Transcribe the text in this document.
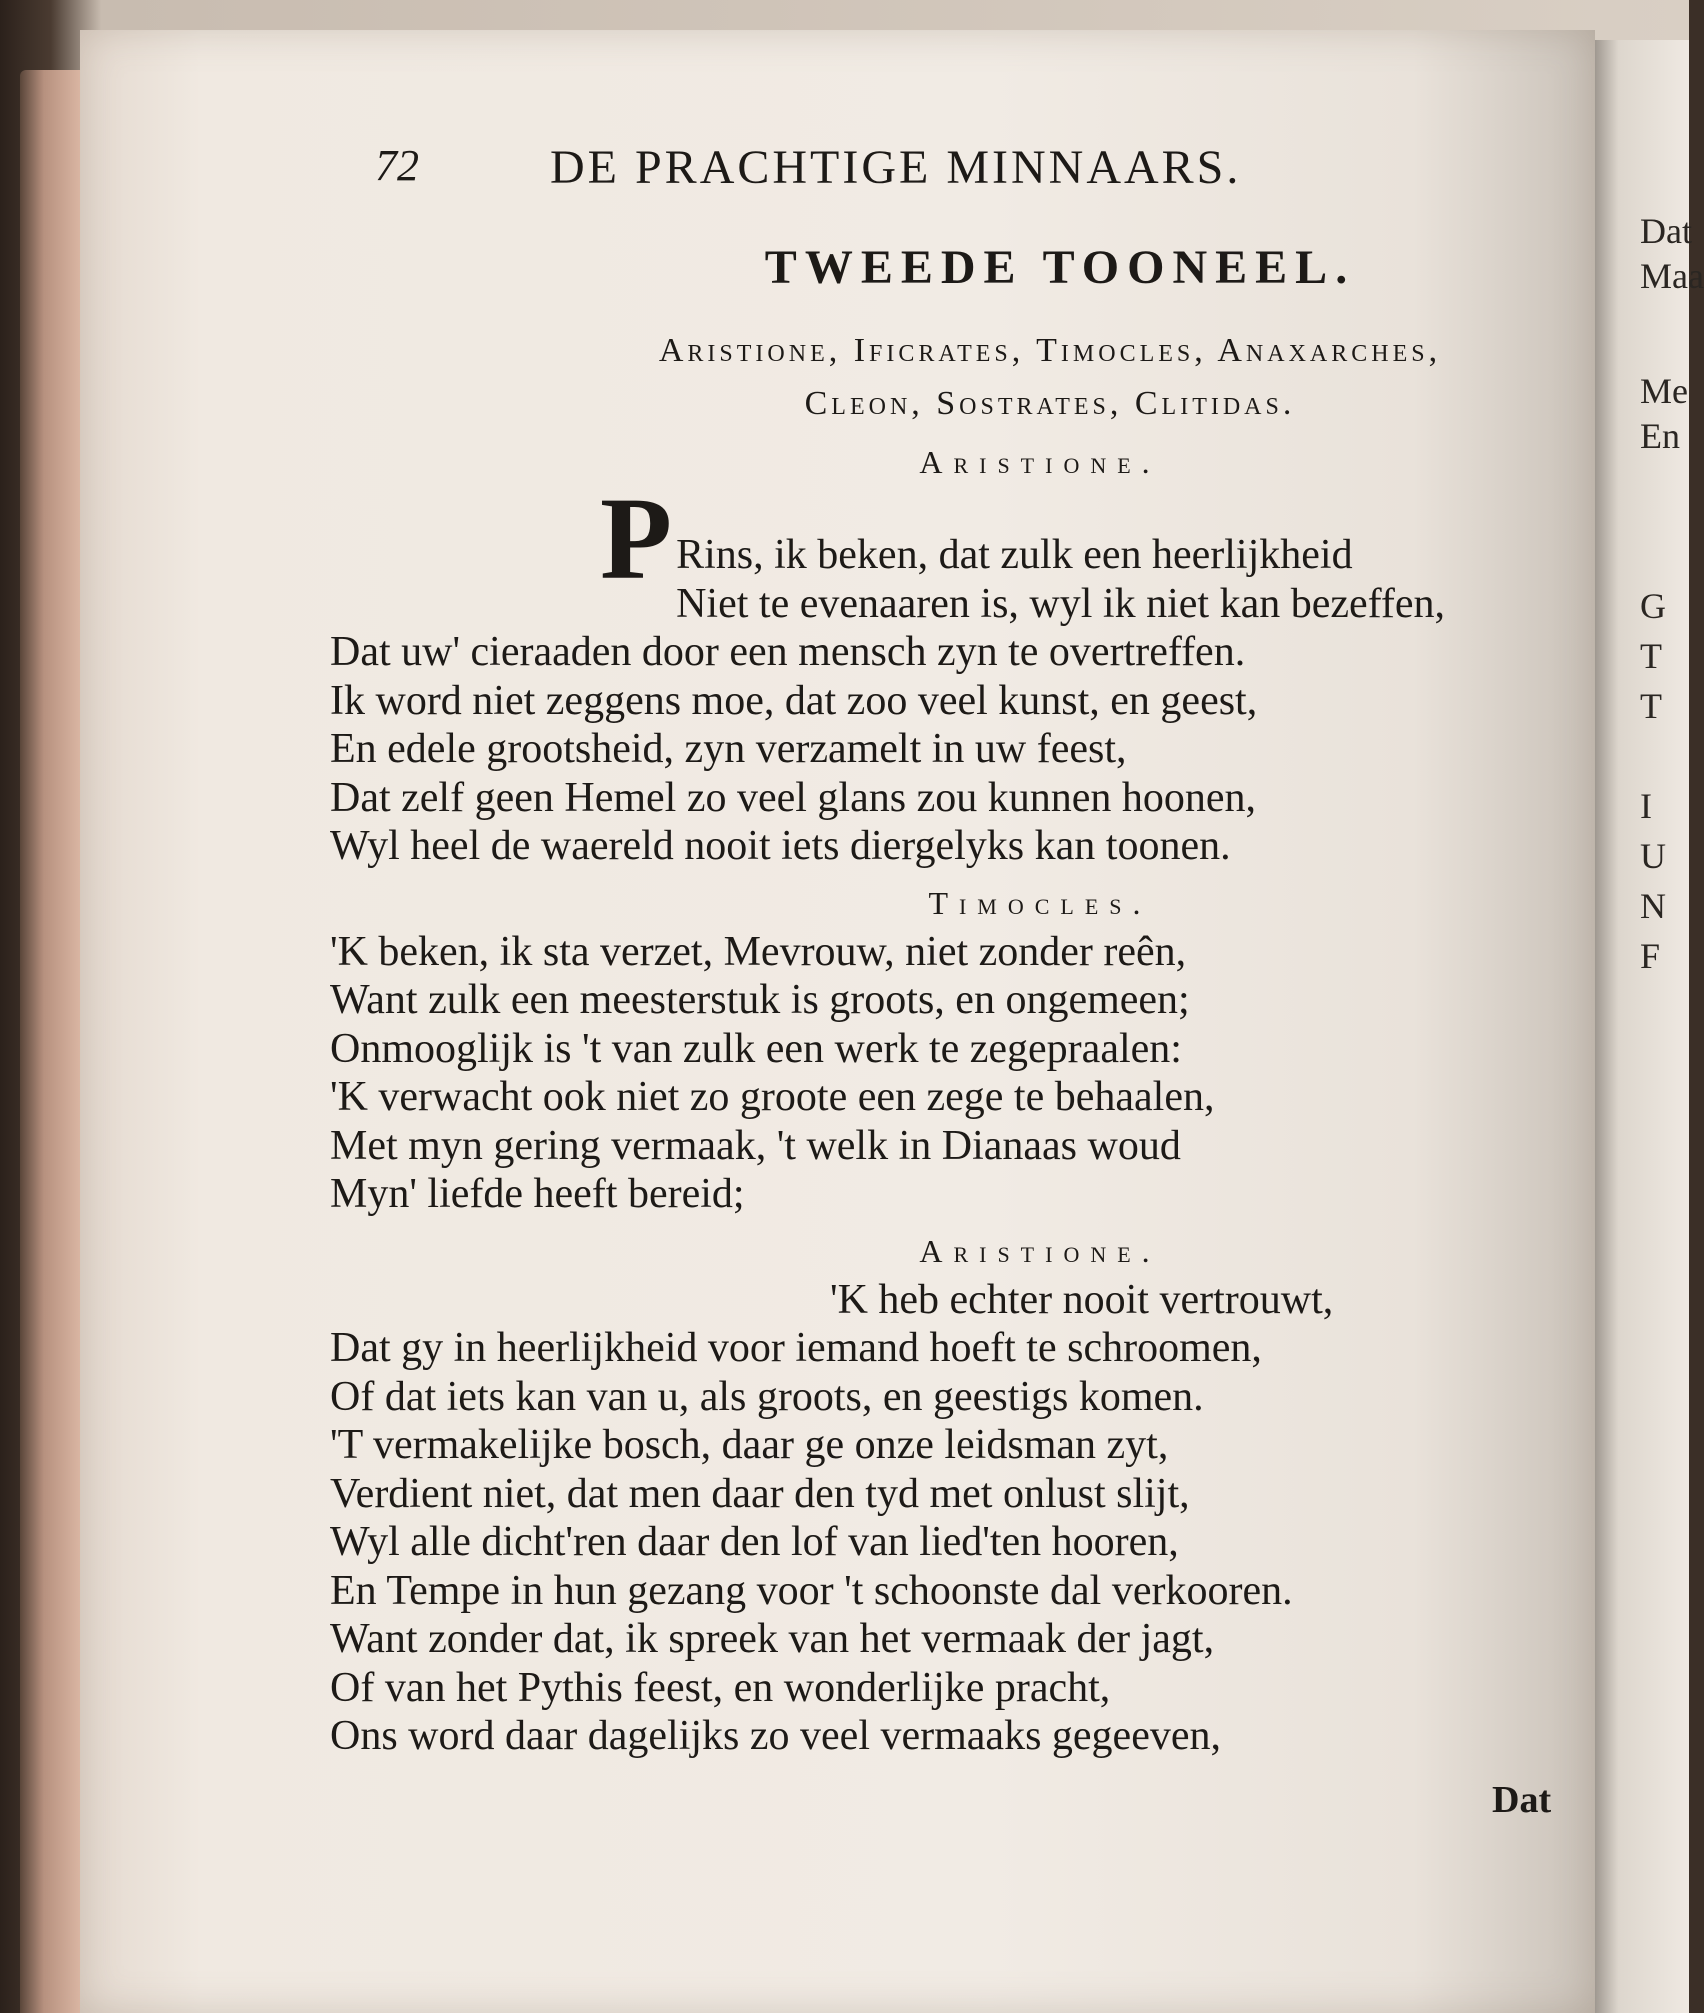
Dat
Maa
Me
En
G
T
T
I
U
N
F
72	DE PRACHTIGE MINNAARS.
TWEEDE TOONEEL.
Aristione, Ificrates, Timocles, Anaxarches,
Cleon, Sostrates, Clitidas.
Aristione.
P Rins, ik beken, dat zulk een heerlijkheid
Niet te evenaaren is, wyl ik niet kan bezeffen,
Dat uw' cieraaden door een mensch zyn te overtreffen.
Ik word niet zeggens moe, dat zoo veel kunst, en geest,
En edele grootsheid, zyn verzamelt in uw feest,
Dat zelf geen Hemel zo veel glans zou kunnen hoonen,
Wyl heel de waereld nooit iets diergelyks kan toonen.
Timocles.
'K beken, ik sta verzet, Mevrouw, niet zonder reên,
Want zulk een meesterstuk is groots, en ongemeen;
Onmooglijk is 't van zulk een werk te zegepraalen:
'K verwacht ook niet zo groote een zege te behaalen,
Met myn gering vermaak, 't welk in Dianaas woud
Myn' liefde heeft bereid;
Aristione.
'K heb echter nooit vertrouwt,
Dat gy in heerlijkheid voor iemand hoeft te schroomen,
Of dat iets kan van u, als groots, en geestigs komen.
'T vermakelijke bosch, daar ge onze leidsman zyt,
Verdient niet, dat men daar den tyd met onlust slijt,
Wyl alle dicht'ren daar den lof van lied'ten hooren,
En Tempe in hun gezang voor 't schoonste dal verkooren.
Want zonder dat, ik spreek van het vermaak der jagt,
Of van het Pythis feest, en wonderlijke pracht,
Ons word daar dagelijks zo veel vermaaks gegeeven,
Dat
